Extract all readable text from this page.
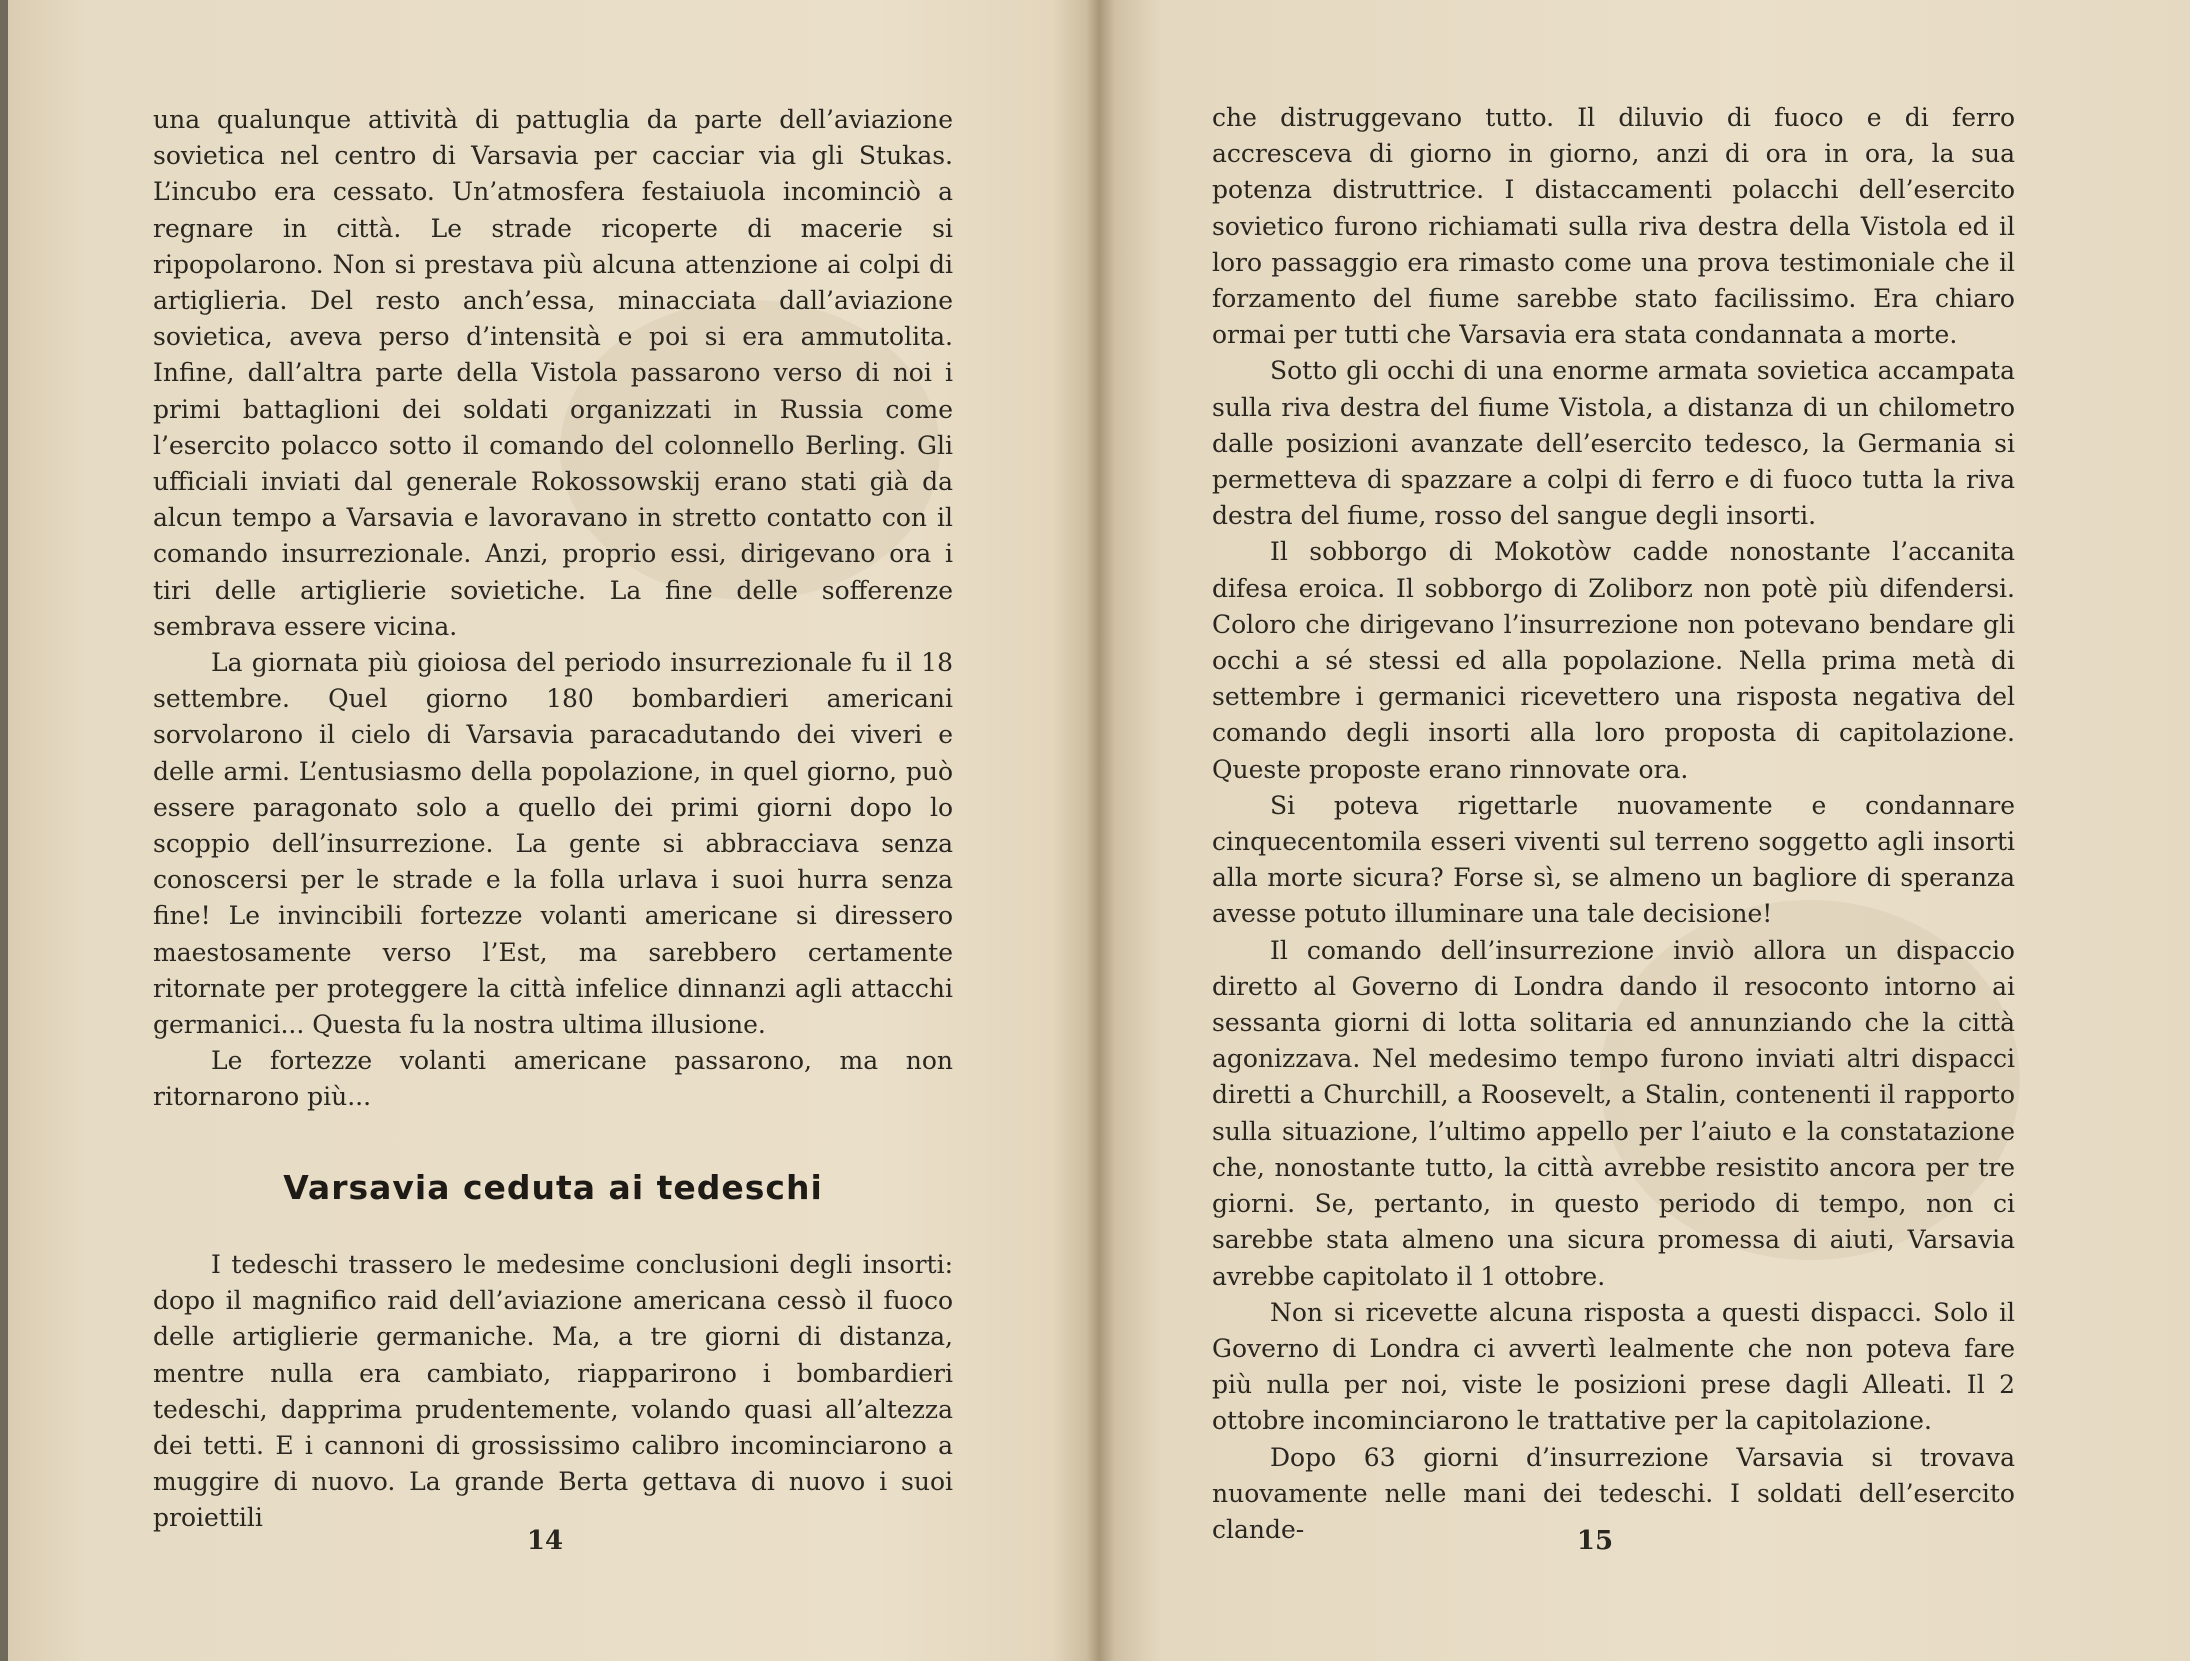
una qualunque attività di pattuglia da parte dell’aviazione sovietica nel centro di Varsavia per cacciar via gli Stukas. L’incubo era cessato. Un’atmosfera festaiuola incominciò a regnare in città. Le strade ricoperte di macerie si ripopolarono. Non si prestava più alcuna attenzione ai colpi di artiglieria. Del resto anch’essa, minacciata dall’aviazione sovietica, aveva perso d’intensità e poi si era ammutolita. Infine, dall’altra parte della Vistola passarono verso di noi i primi battaglioni dei soldati organizzati in Russia come l’esercito polacco sotto il comando del colonnello Berling. Gli ufficiali inviati dal generale Rokossowskij erano stati già da alcun tempo a Varsavia e lavoravano in stretto contatto con il comando insurrezionale. Anzi, proprio essi, dirigevano ora i tiri delle artiglierie sovietiche. La fine delle sofferenze sembrava essere vicina.

La giornata più gioiosa del periodo insurrezionale fu il 18 settembre. Quel giorno 180 bombardieri americani sorvolarono il cielo di Varsavia paracadutando dei viveri e delle armi. L’entusiasmo della popolazione, in quel giorno, può essere paragonato solo a quello dei primi giorni dopo lo scoppio dell’insurrezione. La gente si abbracciava senza conoscersi per le strade e la folla urlava i suoi hurra senza fine! Le invincibili fortezze volanti americane si diressero maestosamente verso l’Est, ma sarebbero certamente ritornate per proteggere la città infelice dinnanzi agli attacchi germanici... Questa fu la nostra ultima illusione.

Le fortezze volanti americane passarono, ma non ritornarono più...

Varsavia ceduta ai tedeschi

I tedeschi trassero le medesime conclusioni degli insorti: dopo il magnifico raid dell’aviazione americana cessò il fuoco delle artiglierie germaniche. Ma, a tre giorni di distanza, mentre nulla era cambiato, riapparirono i bombardieri tedeschi, dapprima prudentemente, volando quasi all’altezza dei tetti. E i cannoni di grossissimo calibro incominciarono a muggire di nuovo. La grande Berta gettava di nuovo i suoi proiettili

14

che distruggevano tutto. Il diluvio di fuoco e di ferro accresceva di giorno in giorno, anzi di ora in ora, la sua potenza distruttrice. I distaccamenti polacchi dell’esercito sovietico furono richiamati sulla riva destra della Vistola ed il loro passaggio era rimasto come una prova testimoniale che il forzamento del fiume sarebbe stato facilissimo. Era chiaro ormai per tutti che Varsavia era stata condannata a morte.

Sotto gli occhi di una enorme armata sovietica accampata sulla riva destra del fiume Vistola, a distanza di un chilometro dalle posizioni avanzate dell’esercito tedesco, la Germania si permetteva di spazzare a colpi di ferro e di fuoco tutta la riva destra del fiume, rosso del sangue degli insorti.

Il sobborgo di Mokotòw cadde nonostante l’accanita difesa eroica. Il sobborgo di Zoliborz non potè più difendersi. Coloro che dirigevano l’insurrezione non potevano bendare gli occhi a sé stessi ed alla popolazione. Nella prima metà di settembre i germanici ricevettero una risposta negativa del comando degli insorti alla loro proposta di capitolazione. Queste proposte erano rinnovate ora.

Si poteva rigettarle nuovamente e condannare cinquecentomila esseri viventi sul terreno soggetto agli insorti alla morte sicura? Forse sì, se almeno un bagliore di speranza avesse potuto illuminare una tale decisione!

Il comando dell’insurrezione inviò allora un dispaccio diretto al Governo di Londra dando il resoconto intorno ai sessanta giorni di lotta solitaria ed annunziando che la città agonizzava. Nel medesimo tempo furono inviati altri dispacci diretti a Churchill, a Roosevelt, a Stalin, contenenti il rapporto sulla situazione, l’ultimo appello per l’aiuto e la constatazione che, nonostante tutto, la città avrebbe resistito ancora per tre giorni. Se, pertanto, in questo periodo di tempo, non ci sarebbe stata almeno una sicura promessa di aiuti, Varsavia avrebbe capitolato il 1 ottobre.

Non si ricevette alcuna risposta a questi dispacci. Solo il Governo di Londra ci avvertì lealmente che non poteva fare più nulla per noi, viste le posizioni prese dagli Alleati. Il 2 ottobre incominciarono le trattative per la capitolazione.

Dopo 63 giorni d’insurrezione Varsavia si trovava nuovamente nelle mani dei tedeschi. I soldati dell’esercito clande-	15
